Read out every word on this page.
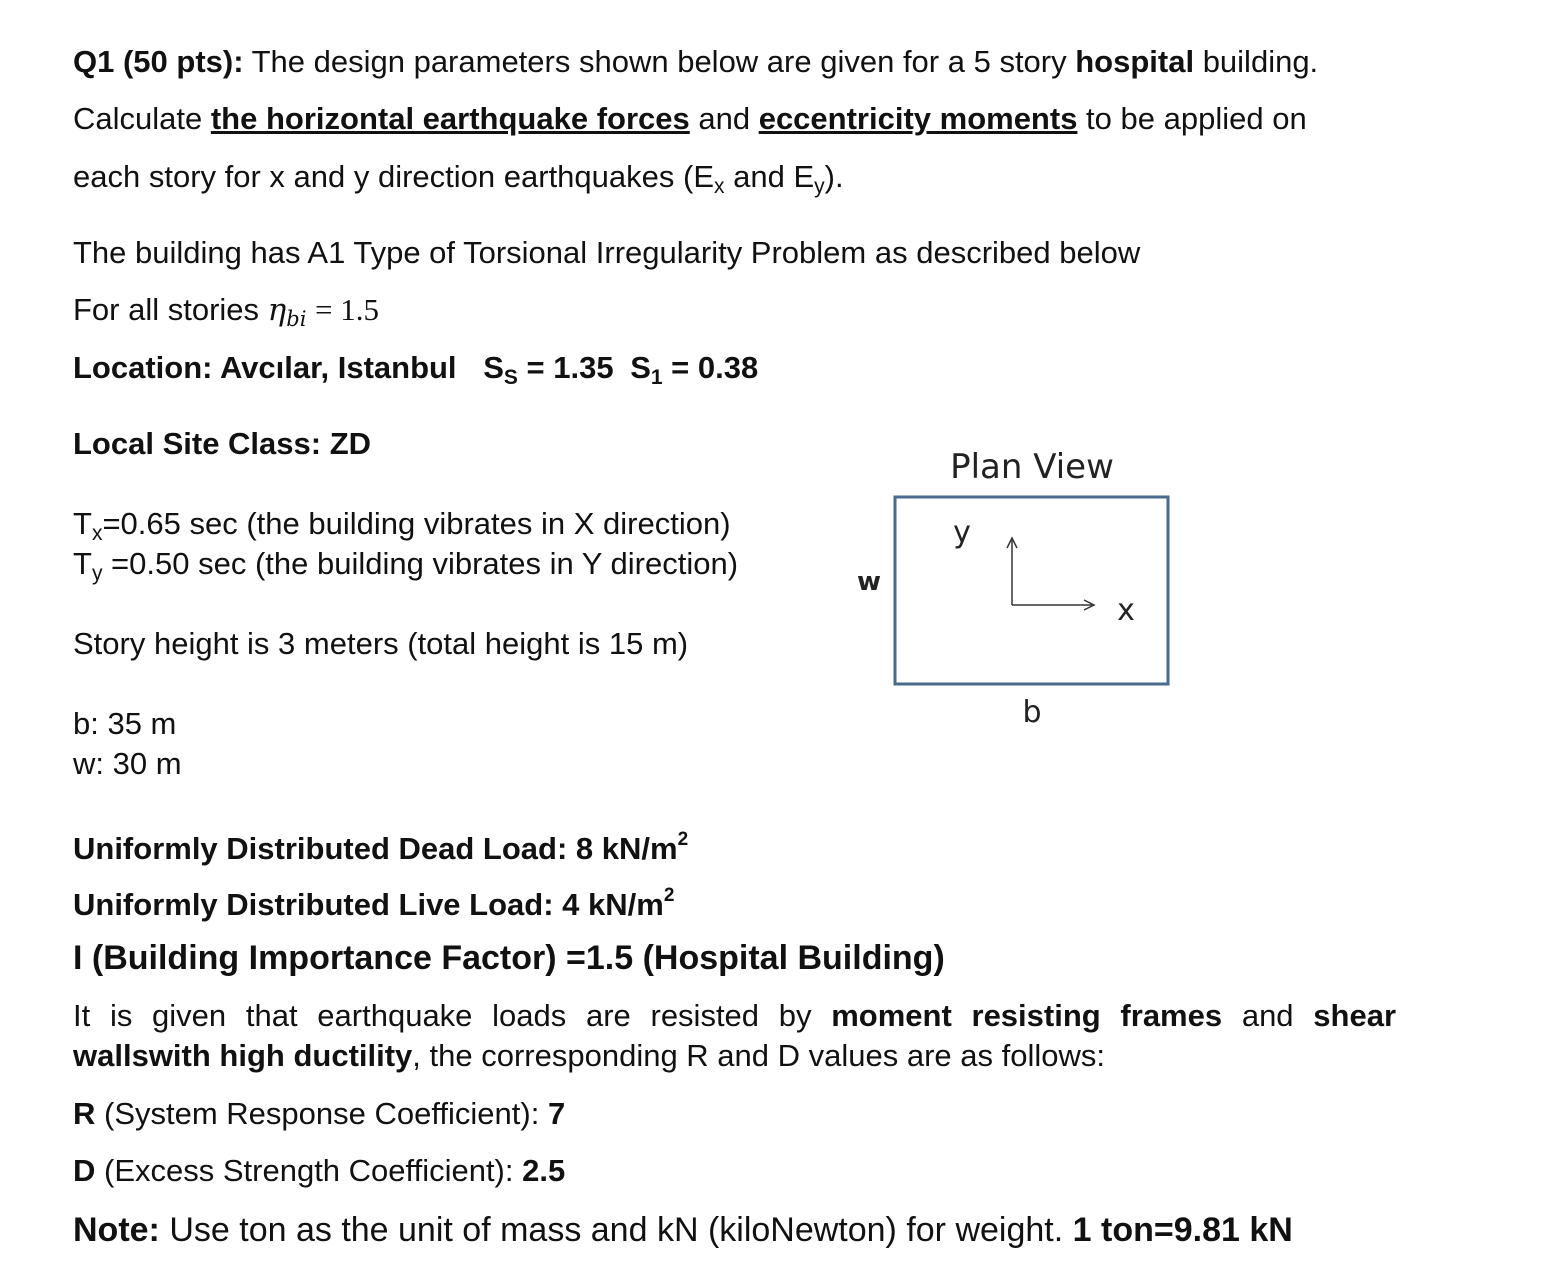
Q1 (50 pts): The design parameters shown below are given for a 5 story hospital building.
Calculate the horizontal earthquake forces and eccentricity moments to be applied on
each story for x and y direction earthquakes ($E_x$ and $E_y$).
The building has A1 Type of Torsional Irregularity Problem as described below
For all stories $\eta_{bi} = 1.5$
Location: Avcılar, Istanbul $S_S = 1.35$ $S_1 = 0.38$
Local Site Class: ZD
$T_x=0.65$ sec (the building vibrates in X direction)
$T_y =0.50$ sec (the building vibrates in Y direction)
Story height is 3 meters (total height is 15 m)
b: 35 m
w: 30 m
Uniformly Distributed Dead Load: 8 $kN/m^2$
Uniformly Distributed Live Load: 4 $kN/m^2$
I (Building Importance Factor) =1.5 (Hospital Building)
It is given that earthquake loads are resisted by moment resisting frames and shear
wallswith high ductility, the corresponding R and D values are as follows:
R (System Response Coefficient): 7
D (Excess Strength Coefficient): 2.5
Note: Use ton as the unit of mass and kN (kiloNewton) for weight. 1 ton=9.81 kN
Plan View
w
b
y
x
